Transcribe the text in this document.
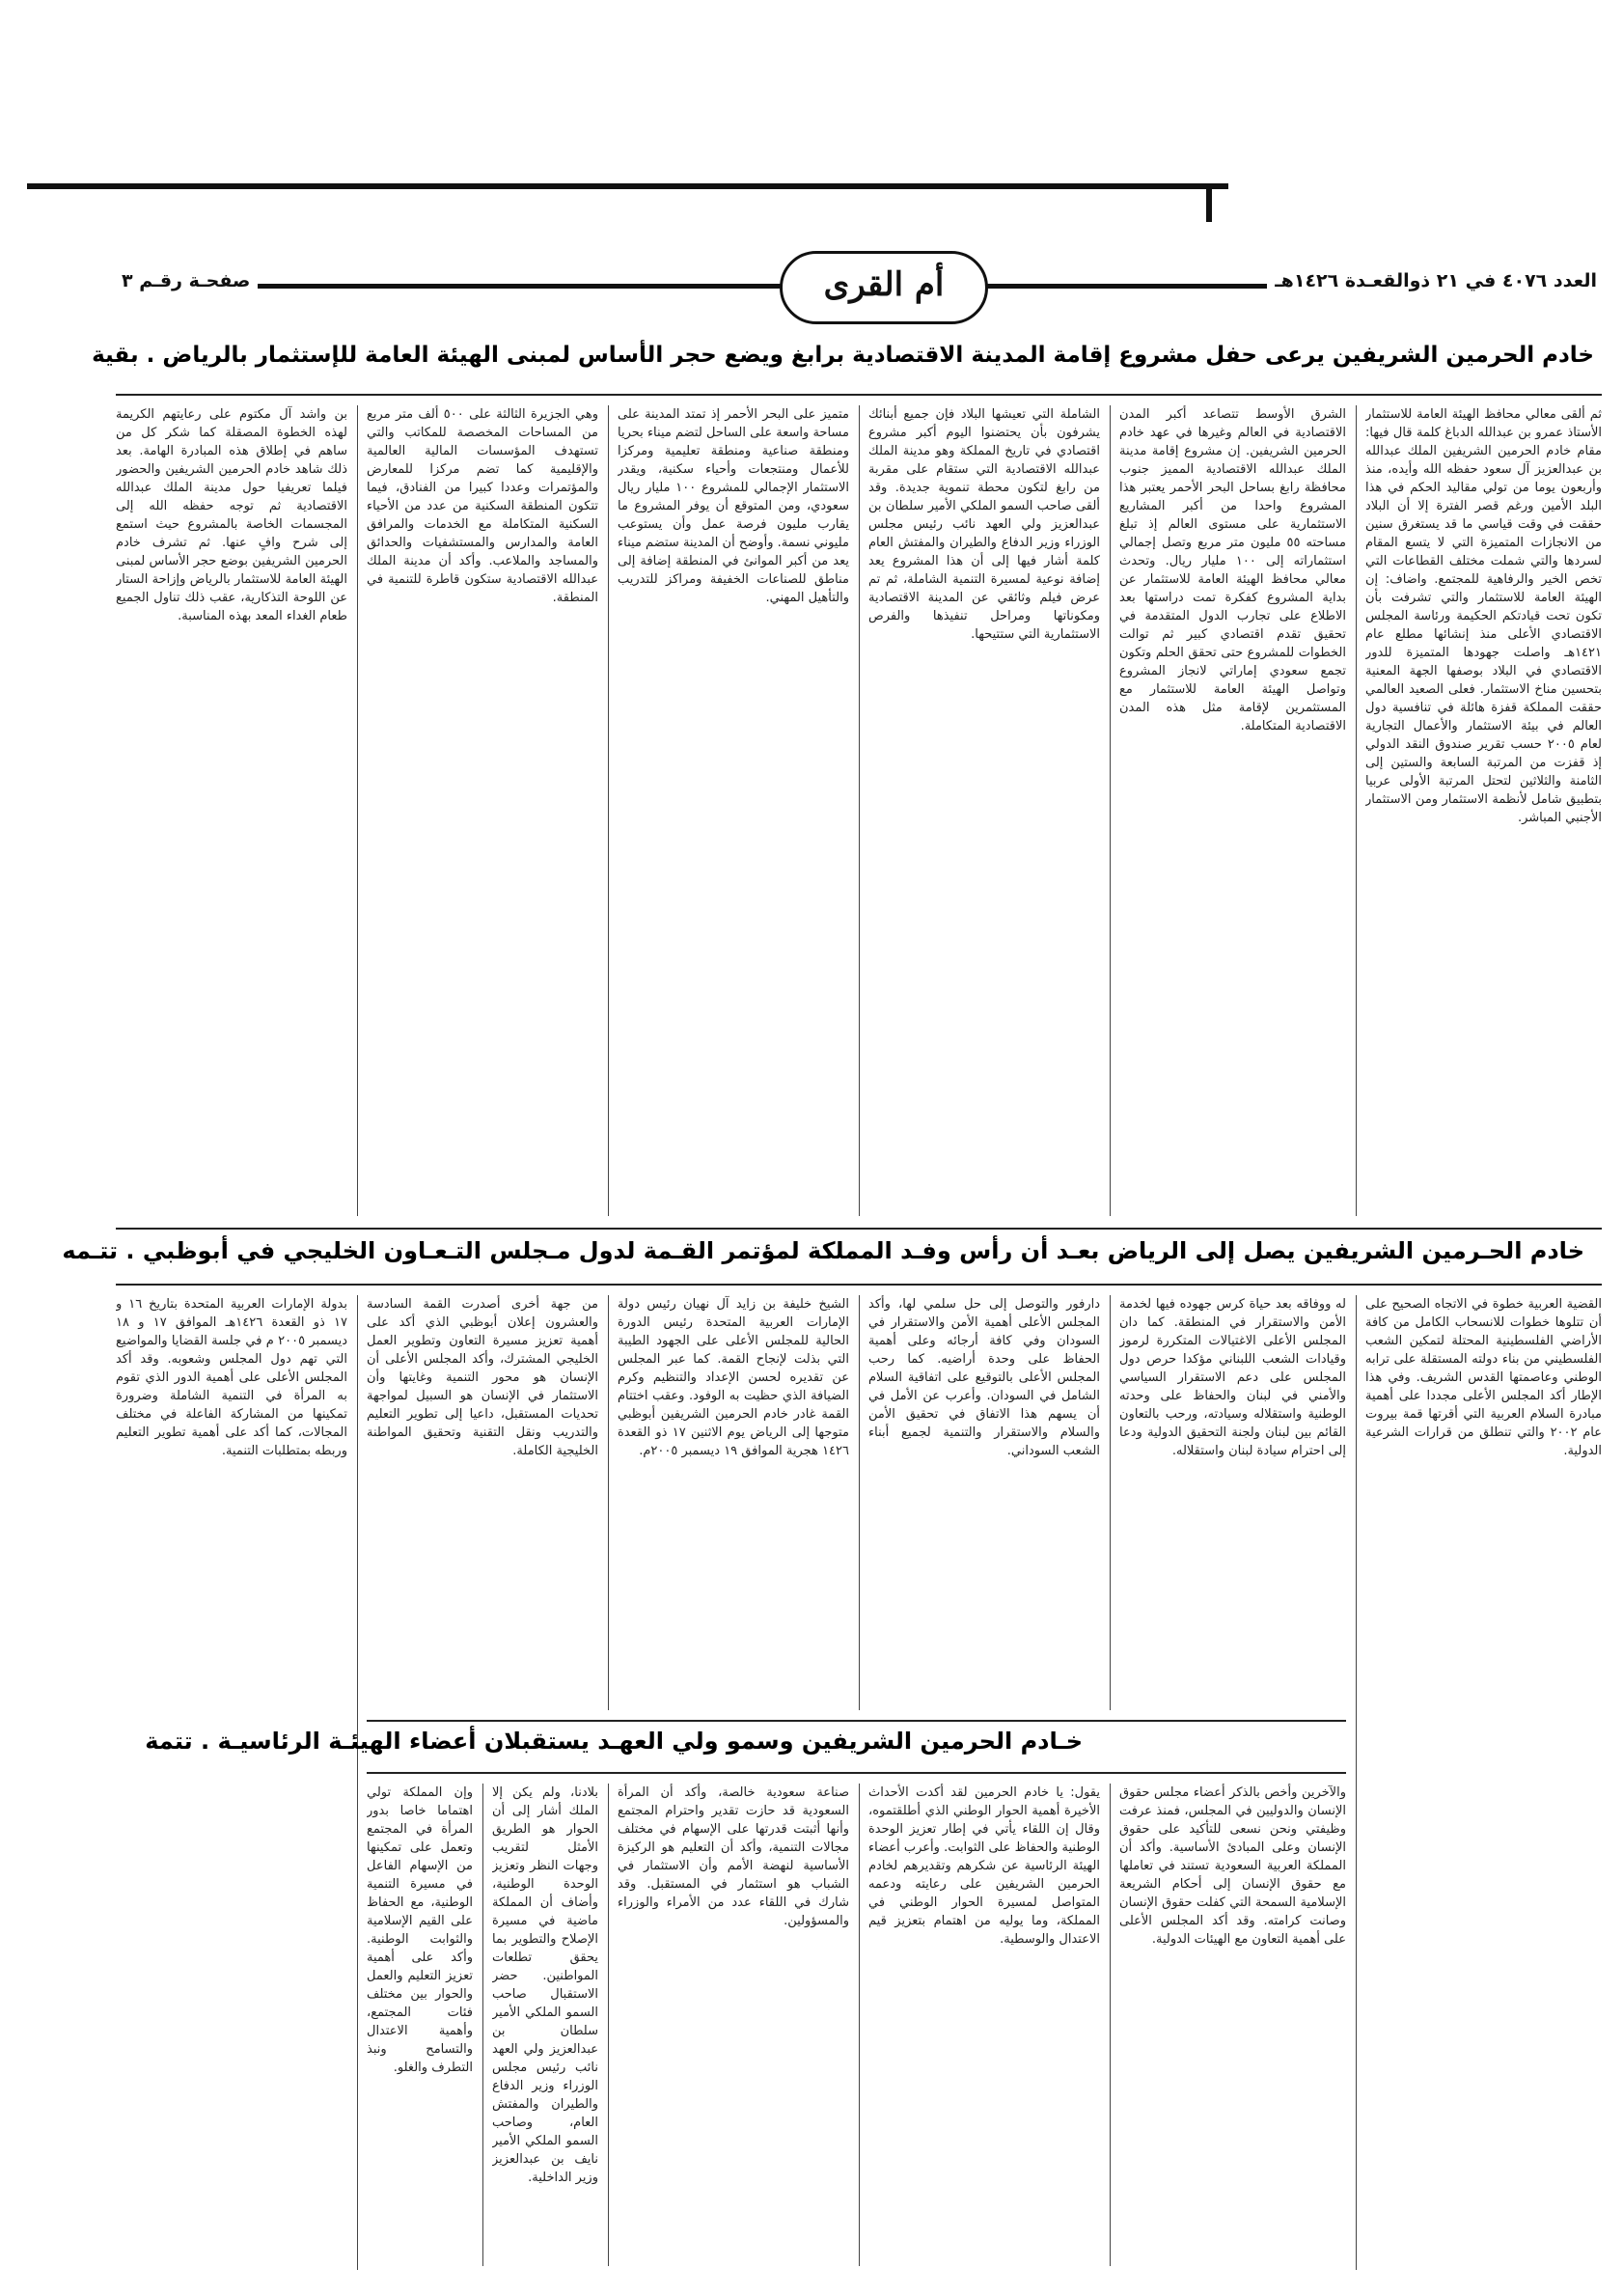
العدد ٤٠٧٦ في ٢١ ذوالقعـدة ١٤٢٦هـ
أم القرى
صفحـة رقـم ٣
خادم الحرمين الشريفين يرعى حفل مشروع إقامة المدينة الاقتصادية برابغ ويضع حجر الأساس لمبنى الهيئة العامة للإستثمار بالرياض . بقية
ثم ألقى معالي محافظ الهيئة العامة للاستثمار الأستاذ عمرو بن عبدالله الدباغ كلمة قال فيها: مقام خادم الحرمين الشريفين الملك عبدالله بن عبدالعزيز آل سعود حفظه الله وأيده، منذ وأربعون يوما من تولي مقاليد الحكم في هذا البلد الأمين ورغم قصر الفترة إلا أن البلاد حققت في وقت قياسي ما قد يستغرق سنين من الانجازات المتميزة التي لا يتسع المقام لسردها والتي شملت مختلف القطاعات التي تخص الخير والرفاهية للمجتمع. واضاف: إن الهيئة العامة للاستثمار والتي تشرفت بأن تكون تحت قيادتكم الحكيمة ورئاسة المجلس الاقتصادي الأعلى منذ إنشائها مطلع عام ١٤٢١هـ واصلت جهودها المتميزة للدور الاقتصادي في البلاد بوصفها الجهة المعنية بتحسين مناخ الاستثمار. فعلى الصعيد العالمي حققت المملكة قفزة هائلة في تنافسية دول العالم في بيئة الاستثمار والأعمال التجارية لعام ٢٠٠٥ حسب تقرير صندوق النقد الدولي إذ قفزت من المرتبة السابعة والستين إلى الثامنة والثلاثين لتحتل المرتبة الأولى عربيا بتطبيق شامل لأنظمة الاستثمار ومن الاستثمار الأجنبي المباشر.
الشرق الأوسط تتصاعد أكبر المدن الاقتصادية في العالم وغيرها في عهد خادم الحرمين الشريفين. إن مشروع إقامة مدينة الملك عبدالله الاقتصادية المميز جنوب محافظة رابغ بساحل البحر الأحمر يعتبر هذا المشروع واحدا من أكبر المشاريع الاستثمارية على مستوى العالم إذ تبلغ مساحته ٥٥ مليون متر مربع وتصل إجمالي استثماراته إلى ١٠٠ مليار ريال. وتحدث معالي محافظ الهيئة العامة للاستثمار عن بداية المشروع كفكرة تمت دراستها بعد الاطلاع على تجارب الدول المتقدمة في تحقيق تقدم اقتصادي كبير ثم توالت الخطوات للمشروع حتى تحقق الحلم وتكون تجمع سعودي إماراتي لانجاز المشروع وتواصل الهيئة العامة للاستثمار مع المستثمرين لإقامة مثل هذه المدن الاقتصادية المتكاملة.
الشاملة التي تعيشها البلاد فإن جميع أبنائك يشرفون بأن يحتضنوا اليوم أكبر مشروع اقتصادي في تاريخ المملكة وهو مدينة الملك عبدالله الاقتصادية التي ستقام على مقربة من رابغ لتكون محطة تنموية جديدة. وقد ألقى صاحب السمو الملكي الأمير سلطان بن عبدالعزيز ولي العهد نائب رئيس مجلس الوزراء وزير الدفاع والطيران والمفتش العام كلمة أشار فيها إلى أن هذا المشروع يعد إضافة نوعية لمسيرة التنمية الشاملة، ثم تم عرض فيلم وثائقي عن المدينة الاقتصادية ومكوناتها ومراحل تنفيذها والفرص الاستثمارية التي ستتيحها.
متميز على البحر الأحمر إذ تمتد المدينة على مساحة واسعة على الساحل لتضم ميناء بحريا ومنطقة صناعية ومنطقة تعليمية ومركزا للأعمال ومنتجعات وأحياء سكنية، ويقدر الاستثمار الإجمالي للمشروع ١٠٠ مليار ريال سعودي، ومن المتوقع أن يوفر المشروع ما يقارب مليون فرصة عمل وأن يستوعب مليوني نسمة. وأوضح أن المدينة ستضم ميناء يعد من أكبر الموانئ في المنطقة إضافة إلى مناطق للصناعات الخفيفة ومراكز للتدريب والتأهيل المهني.
وهي الجزيرة الثالثة على ٥٠٠ ألف متر مربع من المساحات المخصصة للمكاتب والتي تستهدف المؤسسات المالية العالمية والإقليمية كما تضم مركزا للمعارض والمؤتمرات وعددا كبيرا من الفنادق، فيما تتكون المنطقة السكنية من عدد من الأحياء السكنية المتكاملة مع الخدمات والمرافق العامة والمدارس والمستشفيات والحدائق والمساجد والملاعب. وأكد أن مدينة الملك عبدالله الاقتصادية ستكون قاطرة للتنمية في المنطقة.
بن واشد آل مكتوم على رعايتهم الكريمة لهذه الخطوة المصقلة كما شكر كل من ساهم في إطلاق هذه المبادرة الهامة. بعد ذلك شاهد خادم الحرمين الشريفين والحضور فيلما تعريفيا حول مدينة الملك عبدالله الاقتصادية ثم توجه حفظه الله إلى المجسمات الخاصة بالمشروع حيث استمع إلى شرح وافٍ عنها. ثم تشرف خادم الحرمين الشريفين بوضع حجر الأساس لمبنى الهيئة العامة للاستثمار بالرياض وإزاحة الستار عن اللوحة التذكارية، عقب ذلك تناول الجميع طعام الغداء المعد بهذه المناسبة.
خادم الحـرمين الشريفين يصل إلى الرياض بعـد أن رأس وفـد المملكة لمؤتمر القـمة لدول مـجلس التـعـاون الخليجي في أبوظبي . تتـمه
القضية العربية خطوة في الاتجاه الصحيح على أن تتلوها خطوات للانسحاب الكامل من كافة الأراضي الفلسطينية المحتلة لتمكين الشعب الفلسطيني من بناء دولته المستقلة على ترابه الوطني وعاصمتها القدس الشريف. وفي هذا الإطار أكد المجلس الأعلى مجددا على أهمية مبادرة السلام العربية التي أقرتها قمة بيروت عام ٢٠٠٢ والتي تنطلق من قرارات الشرعية الدولية.
له ووفاقه بعد حياة كرس جهوده فيها لخدمة الأمن والاستقرار في المنطقة. كما دان المجلس الأعلى الاغتيالات المتكررة لرموز وقيادات الشعب اللبناني مؤكدا حرص دول المجلس على دعم الاستقرار السياسي والأمني في لبنان والحفاظ على وحدته الوطنية واستقلاله وسيادته، ورحب بالتعاون القائم بين لبنان ولجنة التحقيق الدولية ودعا إلى احترام سيادة لبنان واستقلاله.
دارفور والتوصل إلى حل سلمي لها، وأكد المجلس الأعلى أهمية الأمن والاستقرار في السودان وفي كافة أرجائه وعلى أهمية الحفاظ على وحدة أراضيه. كما رحب المجلس الأعلى بالتوقيع على اتفاقية السلام الشامل في السودان. وأعرب عن الأمل في أن يسهم هذا الاتفاق في تحقيق الأمن والسلام والاستقرار والتنمية لجميع أبناء الشعب السوداني.
الشيخ خليفة بن زايد آل نهيان رئيس دولة الإمارات العربية المتحدة رئيس الدورة الحالية للمجلس الأعلى على الجهود الطيبة التي بذلت لإنجاح القمة. كما عبر المجلس عن تقديره لحسن الإعداد والتنظيم وكرم الضيافة الذي حظيت به الوفود. وعقب اختتام القمة غادر خادم الحرمين الشريفين أبوظبي متوجها إلى الرياض يوم الاثنين ١٧ ذو القعدة ١٤٢٦ هجرية الموافق ١٩ ديسمبر ٢٠٠٥م.
من جهة أخرى أصدرت القمة السادسة والعشرون إعلان أبوظبي الذي أكد على أهمية تعزيز مسيرة التعاون وتطوير العمل الخليجي المشترك، وأكد المجلس الأعلى أن الإنسان هو محور التنمية وغايتها وأن الاستثمار في الإنسان هو السبيل لمواجهة تحديات المستقبل، داعيا إلى تطوير التعليم والتدريب ونقل التقنية وتحقيق المواطنة الخليجية الكاملة.
بدولة الإمارات العربية المتحدة بتاريخ ١٦ و ١٧ ذو القعدة ١٤٢٦هـ الموافق ١٧ و ١٨ ديسمبر ٢٠٠٥ م في جلسة القضايا والمواضيع التي تهم دول المجلس وشعوبه. وقد أكد المجلس الأعلى على أهمية الدور الذي تقوم به المرأة في التنمية الشاملة وضرورة تمكينها من المشاركة الفاعلة في مختلف المجالات، كما أكد على أهمية تطوير التعليم وربطه بمتطلبات التنمية.
خـادم الحرمين الشريفين وسمو ولي العهـد يستقبلان أعضاء الهيئـة الرئاسيـة . تتمة
والآخرين وأخص بالذكر أعضاء مجلس حقوق الإنسان والدوليين في المجلس، فمنذ عرفت وظيفتي ونحن نسعى للتأكيد على حقوق الإنسان وعلى المبادئ الأساسية. وأكد أن المملكة العربية السعودية تستند في تعاملها مع حقوق الإنسان إلى أحكام الشريعة الإسلامية السمحة التي كفلت حقوق الإنسان وصانت كرامته. وقد أكد المجلس الأعلى على أهمية التعاون مع الهيئات الدولية.
يقول: يا خادم الحرمين لقد أكدت الأحداث الأخيرة أهمية الحوار الوطني الذي أطلقتموه، وقال إن اللقاء يأتي في إطار تعزيز الوحدة الوطنية والحفاظ على الثوابت. وأعرب أعضاء الهيئة الرئاسية عن شكرهم وتقديرهم لخادم الحرمين الشريفين على رعايته ودعمه المتواصل لمسيرة الحوار الوطني في المملكة، وما يوليه من اهتمام بتعزيز قيم الاعتدال والوسطية.
صناعة سعودية خالصة، وأكد أن المرأة السعودية قد حازت تقدير واحترام المجتمع وأنها أثبتت قدرتها على الإسهام في مختلف مجالات التنمية، وأكد أن التعليم هو الركيزة الأساسية لنهضة الأمم وأن الاستثمار في الشباب هو استثمار في المستقبل. وقد شارك في اللقاء عدد من الأمراء والوزراء والمسؤولين.
بلادنا، ولم يكن إلا الملك أشار إلى أن الحوار هو الطريق الأمثل لتقريب وجهات النظر وتعزيز الوحدة الوطنية، وأضاف أن المملكة ماضية في مسيرة الإصلاح والتطوير بما يحقق تطلعات المواطنين. حضر الاستقبال صاحب السمو الملكي الأمير سلطان بن عبدالعزيز ولي العهد نائب رئيس مجلس الوزراء وزير الدفاع والطيران والمفتش العام، وصاحب السمو الملكي الأمير نايف بن عبدالعزيز وزير الداخلية.
وإن المملكة تولي اهتماما خاصا بدور المرأة في المجتمع وتعمل على تمكينها من الإسهام الفاعل في مسيرة التنمية الوطنية، مع الحفاظ على القيم الإسلامية والثوابت الوطنية. وأكد على أهمية تعزيز التعليم والعمل والحوار بين مختلف فئات المجتمع، وأهمية الاعتدال والتسامح ونبذ التطرف والغلو.
